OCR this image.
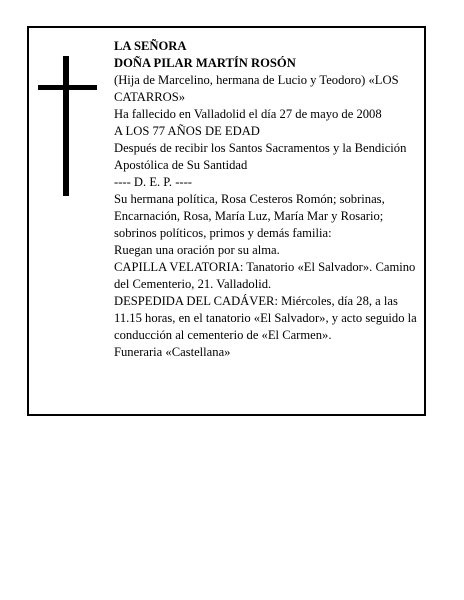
LA SEÑORA

DOÑA PILAR MARTÍN ROSÓN

(Hija de Marcelino, hermana de Lucio y Teodoro) «LOS CATARROS»

Ha fallecido en Valladolid el día 27 de mayo de 2008

A LOS 77 AÑOS DE EDAD

Después de recibir los Santos Sacramentos y la Bendición Apostólica de Su Santidad

---- D. E. P. ----

Su hermana política, Rosa Cesteros Romón; sobrinas, Encarnación, Rosa, María Luz, María Mar y Rosario; sobrinos políticos, primos y demás familia:

Ruegan una oración por su alma.

CAPILLA VELATORIA: Tanatorio «El Salvador». Camino del Cementerio, 21. Valladolid.

DESPEDIDA DEL CADÁVER: Miércoles, día 28, a las 11.15 horas, en el tanatorio «El Salvador», y acto seguido la conducción al cementerio de «El Carmen».

Funeraria «Castellana»
